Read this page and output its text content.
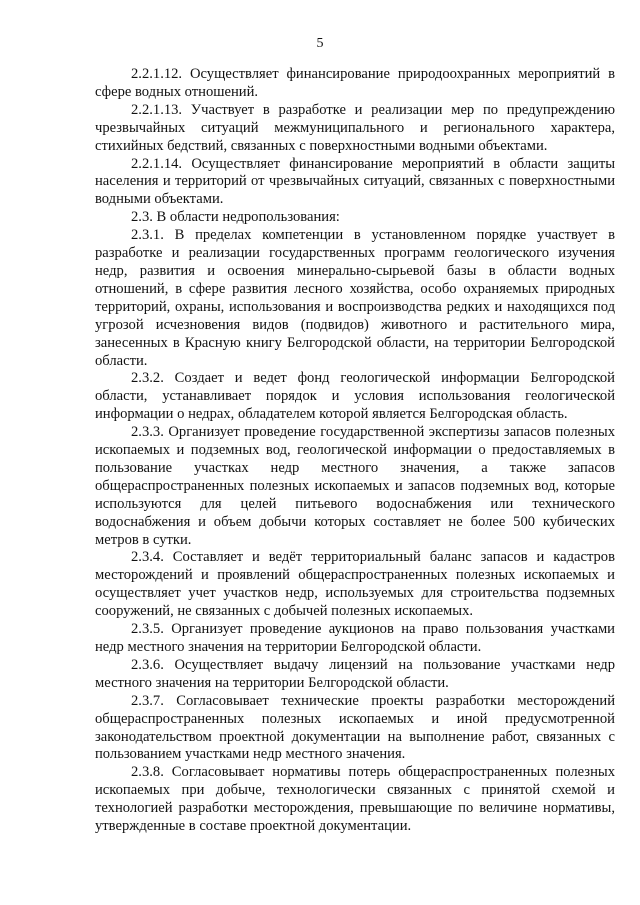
5

2.2.1.12. Осуществляет финансирование природоохранных мероприятий в сфере водных отношений.

2.2.1.13. Участвует в разработке и реализации мер по предупреждению чрезвычайных ситуаций межмуниципального и регионального характера, стихийных бедствий, связанных с поверхностными водными объектами.

2.2.1.14. Осуществляет финансирование мероприятий в области защиты населения и территорий от чрезвычайных ситуаций, связанных с поверхностными водными объектами.

2.3. В области недропользования:

2.3.1. В пределах компетенции в установленном порядке участвует в разработке и реализации государственных программ геологического изучения недр, развития и освоения минерально-сырьевой базы в области водных отношений, в сфере развития лесного хозяйства, особо охраняемых природных территорий, охраны, использования и воспроизводства редких и находящихся под угрозой исчезновения видов (подвидов) животного и растительного мира, занесенных в Красную книгу Белгородской области, на территории Белгородской области.

2.3.2. Создает и ведет фонд геологической информации Белгородской области, устанавливает порядок и условия использования геологической информации о недрах, обладателем которой является Белгородская область.

2.3.3. Организует проведение государственной экспертизы запасов полезных ископаемых и подземных вод, геологической информации о предоставляемых в пользование участках недр местного значения, а также запасов общераспространенных полезных ископаемых и запасов подземных вод, которые используются для целей питьевого водоснабжения или технического водоснабжения и объем добычи которых составляет не более 500 кубических метров в сутки.

2.3.4. Составляет и ведёт территориальный баланс запасов и кадастров месторождений и проявлений общераспространенных полезных ископаемых и осуществляет учет участков недр, используемых для строительства подземных сооружений, не связанных с добычей полезных ископаемых.

2.3.5. Организует проведение аукционов на право пользования участками недр местного значения на территории Белгородской области.

2.3.6. Осуществляет выдачу лицензий на пользование участками недр местного значения на территории Белгородской области.

2.3.7. Согласовывает технические проекты разработки месторождений общераспространенных полезных ископаемых и иной предусмотренной законодательством проектной документации на выполнение работ, связанных с пользованием участками недр местного значения.

2.3.8. Согласовывает нормативы потерь общераспространенных полезных ископаемых при добыче, технологически связанных с принятой схемой и технологией разработки месторождения, превышающие по величине нормативы, утвержденные в составе проектной документации.
